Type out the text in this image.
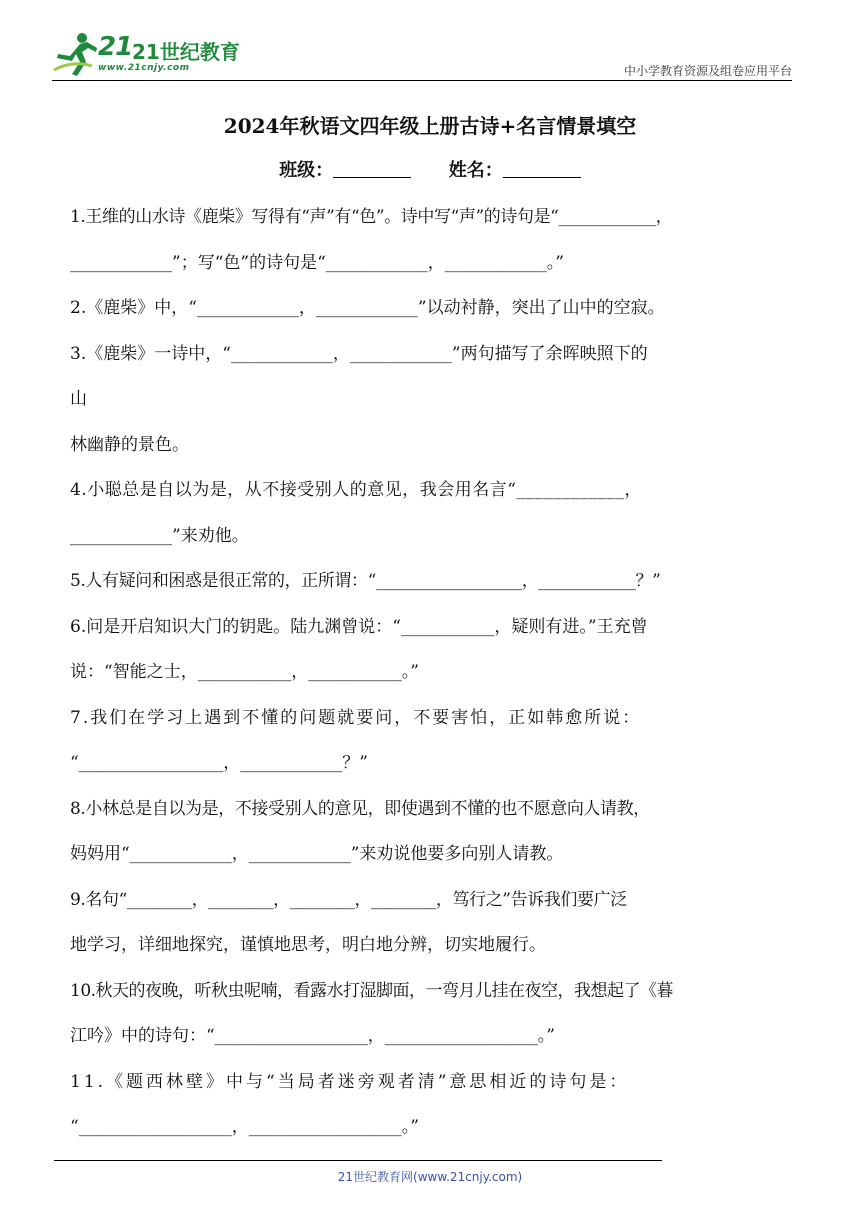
21 21世纪教育
www.21cnjy.com	中小学教育资源及组卷应用平台
2024年秋语文四年级上册古诗+名言情景填空
班级：	姓名：

1.王维的山水诗《鹿柴》写得有“声”有“色”。诗中写“声”的诗句是“____________，

____________”；写“色”的诗句是“____________，____________。”

2.《鹿柴》中，“____________，____________”以动衬静，突出了山中的空寂。

3.《鹿柴》一诗中，“____________，____________”两句描写了余晖映照下的

山

林幽静的景色。

4.小聪总是自以为是，从不接受别人的意见，我会用名言“____________，

____________”来劝他。

5.人有疑问和困惑是很正常的，正所谓：“__________________，____________？”

6.问是开启知识大门的钥匙。陆九渊曾说：“___________，疑则有进。”王充曾

说：“智能之士，___________，___________。”

7.我们在学习上遇到不懂的问题就要问，不要害怕，正如韩愈所说：

“_________________，____________？”

8.小林总是自以为是，不接受别人的意见，即使遇到不懂的也不愿意向人请教，

妈妈用“____________，____________”来劝说他要多向别人请教。

9.名句“________，________，________，________，笃行之”告诉我们要广泛

地学习，详细地探究，谨慎地思考，明白地分辨，切实地履行。

10.秋天的夜晚，听秋虫呢喃，看露水打湿脚面，一弯月儿挂在夜空，我想起了《暮

江吟》中的诗句：“__________________，__________________。”

11.《题西林壁》中与“当局者迷旁观者清”意思相近的诗句是：

“__________________，__________________。”

21世纪教育网(www.21cnjy.com)
